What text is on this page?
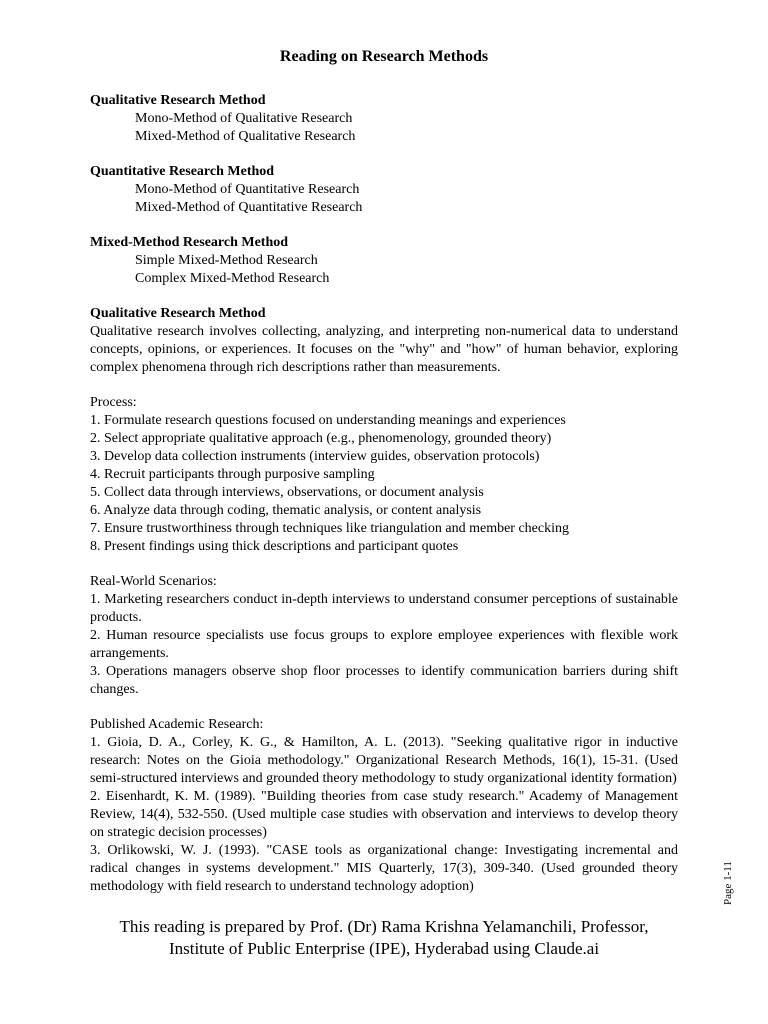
Reading on Research Methods
Qualitative Research Method
Mono-Method of Qualitative Research
Mixed-Method of Qualitative Research
Quantitative Research Method
Mono-Method of Quantitative Research
Mixed-Method of Quantitative Research
Mixed-Method Research Method
Simple Mixed-Method Research
Complex Mixed-Method Research
Qualitative Research Method
Qualitative research involves collecting, analyzing, and interpreting non-numerical data to understand concepts, opinions, or experiences. It focuses on the "why" and "how" of human behavior, exploring complex phenomena through rich descriptions rather than measurements.
Process:
1. Formulate research questions focused on understanding meanings and experiences
2. Select appropriate qualitative approach (e.g., phenomenology, grounded theory)
3. Develop data collection instruments (interview guides, observation protocols)
4. Recruit participants through purposive sampling
5. Collect data through interviews, observations, or document analysis
6. Analyze data through coding, thematic analysis, or content analysis
7. Ensure trustworthiness through techniques like triangulation and member checking
8. Present findings using thick descriptions and participant quotes
Real-World Scenarios:
1. Marketing researchers conduct in-depth interviews to understand consumer perceptions of sustainable products.
2. Human resource specialists use focus groups to explore employee experiences with flexible work arrangements.
3. Operations managers observe shop floor processes to identify communication barriers during shift changes.
Published Academic Research:
1. Gioia, D. A., Corley, K. G., & Hamilton, A. L. (2013). "Seeking qualitative rigor in inductive research: Notes on the Gioia methodology." Organizational Research Methods, 16(1), 15-31. (Used semi-structured interviews and grounded theory methodology to study organizational identity formation)
2. Eisenhardt, K. M. (1989). "Building theories from case study research." Academy of Management Review, 14(4), 532-550. (Used multiple case studies with observation and interviews to develop theory on strategic decision processes)
3. Orlikowski, W. J. (1993). "CASE tools as organizational change: Investigating incremental and radical changes in systems development." MIS Quarterly, 17(3), 309-340. (Used grounded theory methodology with field research to understand technology adoption)
This reading is prepared by Prof. (Dr) Rama Krishna Yelamanchili, Professor,
Institute of Public Enterprise (IPE), Hyderabad using Claude.ai
Page 1-11
